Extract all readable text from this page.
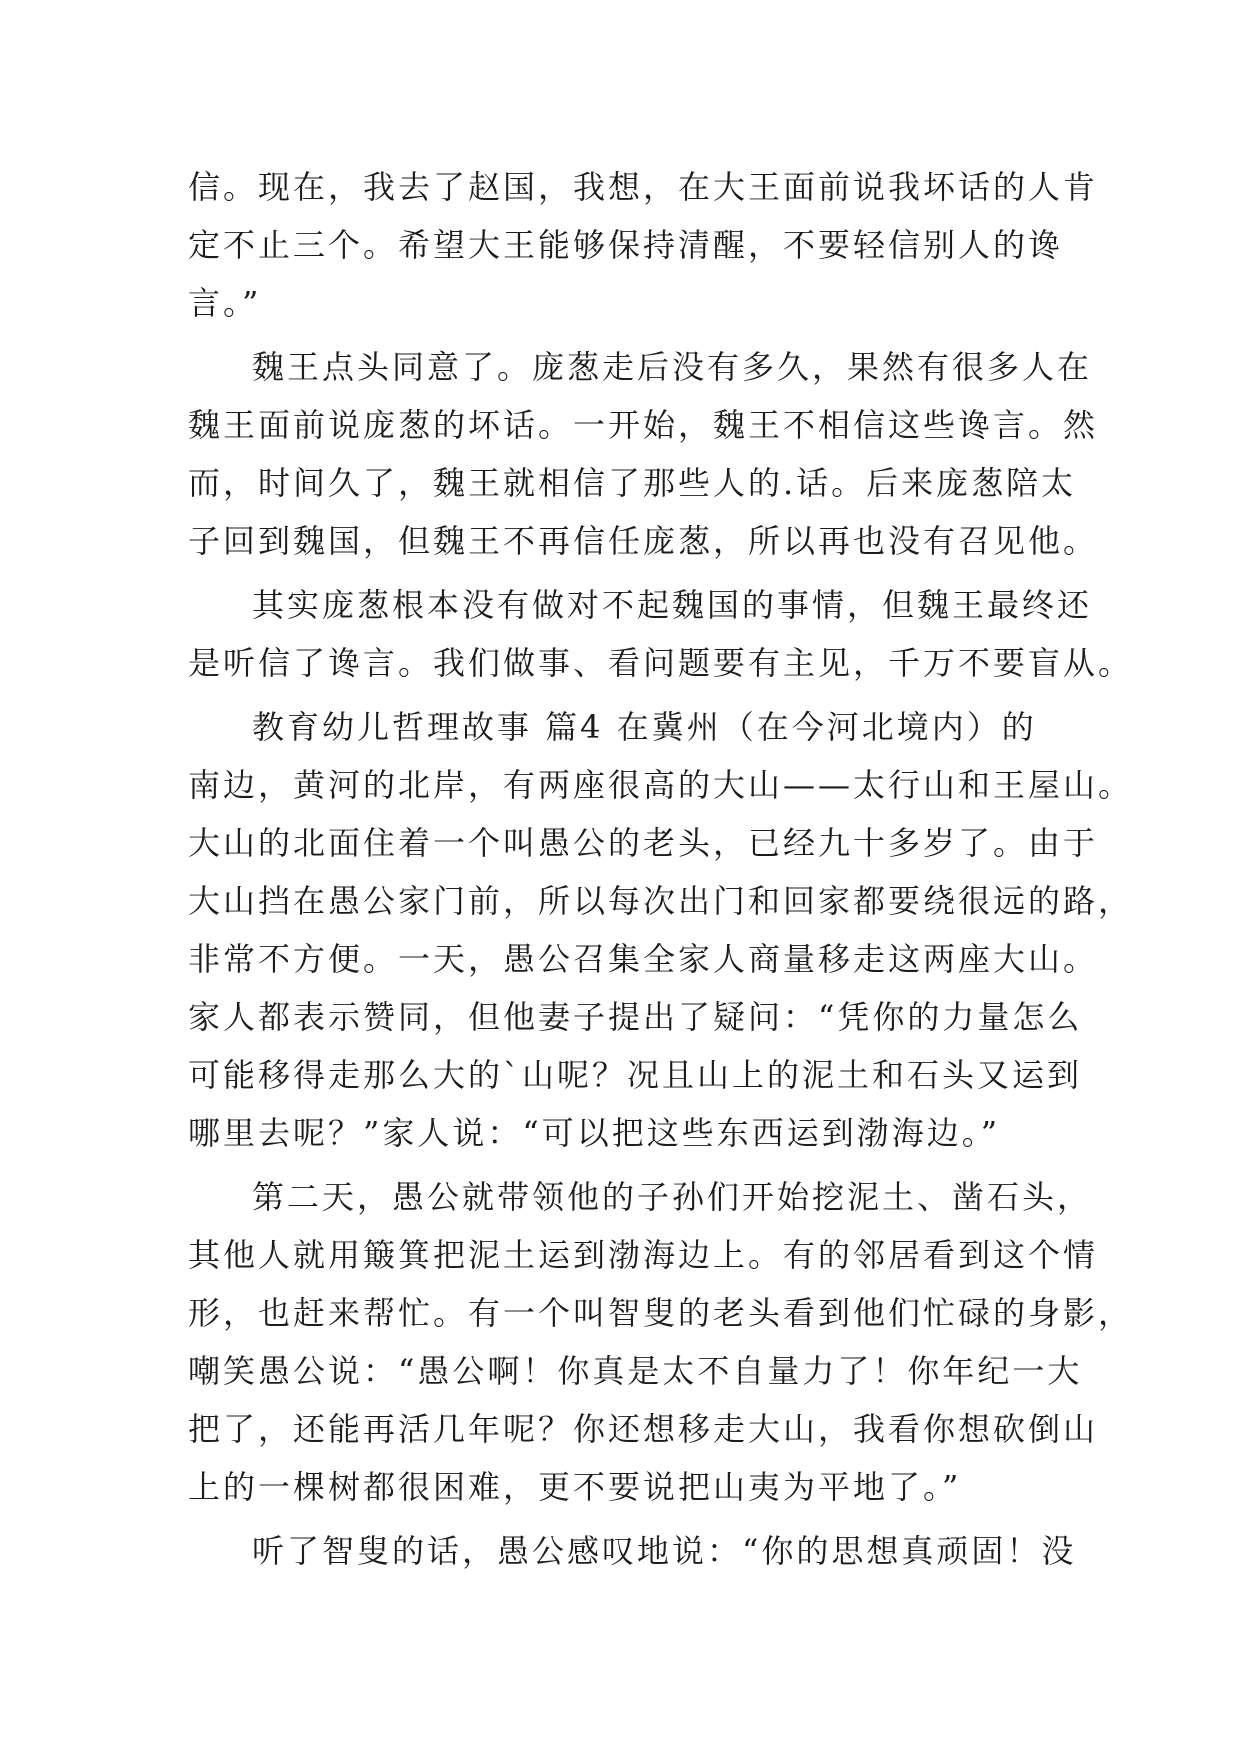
信。现在，我去了赵国，我想，在大王面前说我坏话的人肯
定不止三个。希望大王能够保持清醒，不要轻信别人的谗
言。”
魏王点头同意了。庞葱走后没有多久，果然有很多人在
魏王面前说庞葱的坏话。一开始，魏王不相信这些谗言。然
而，时间久了，魏王就相信了那些人的.话。后来庞葱陪太
子回到魏国，但魏王不再信任庞葱，所以再也没有召见他。
其实庞葱根本没有做对不起魏国的事情，但魏王最终还
是听信了谗言。我们做事、看问题要有主见，千万不要盲从。
教育幼儿哲理故事 篇4 在冀州（在今河北境内）的
南边，黄河的北岸，有两座很高的大山——太行山和王屋山。
大山的北面住着一个叫愚公的老头，已经九十多岁了。由于
大山挡在愚公家门前，所以每次出门和回家都要绕很远的路，
非常不方便。一天，愚公召集全家人商量移走这两座大山。
家人都表示赞同，但他妻子提出了疑问：“凭你的力量怎么
可能移得走那么大的`山呢？况且山上的泥土和石头又运到
哪里去呢？”家人说：“可以把这些东西运到渤海边。”
第二天，愚公就带领他的子孙们开始挖泥土、凿石头，
其他人就用簸箕把泥土运到渤海边上。有的邻居看到这个情
形，也赶来帮忙。有一个叫智叟的老头看到他们忙碌的身影，
嘲笑愚公说：“愚公啊！你真是太不自量力了！你年纪一大
把了，还能再活几年呢？你还想移走大山，我看你想砍倒山
上的一棵树都很困难，更不要说把山夷为平地了。”
听了智叟的话，愚公感叹地说：“你的思想真顽固！没
